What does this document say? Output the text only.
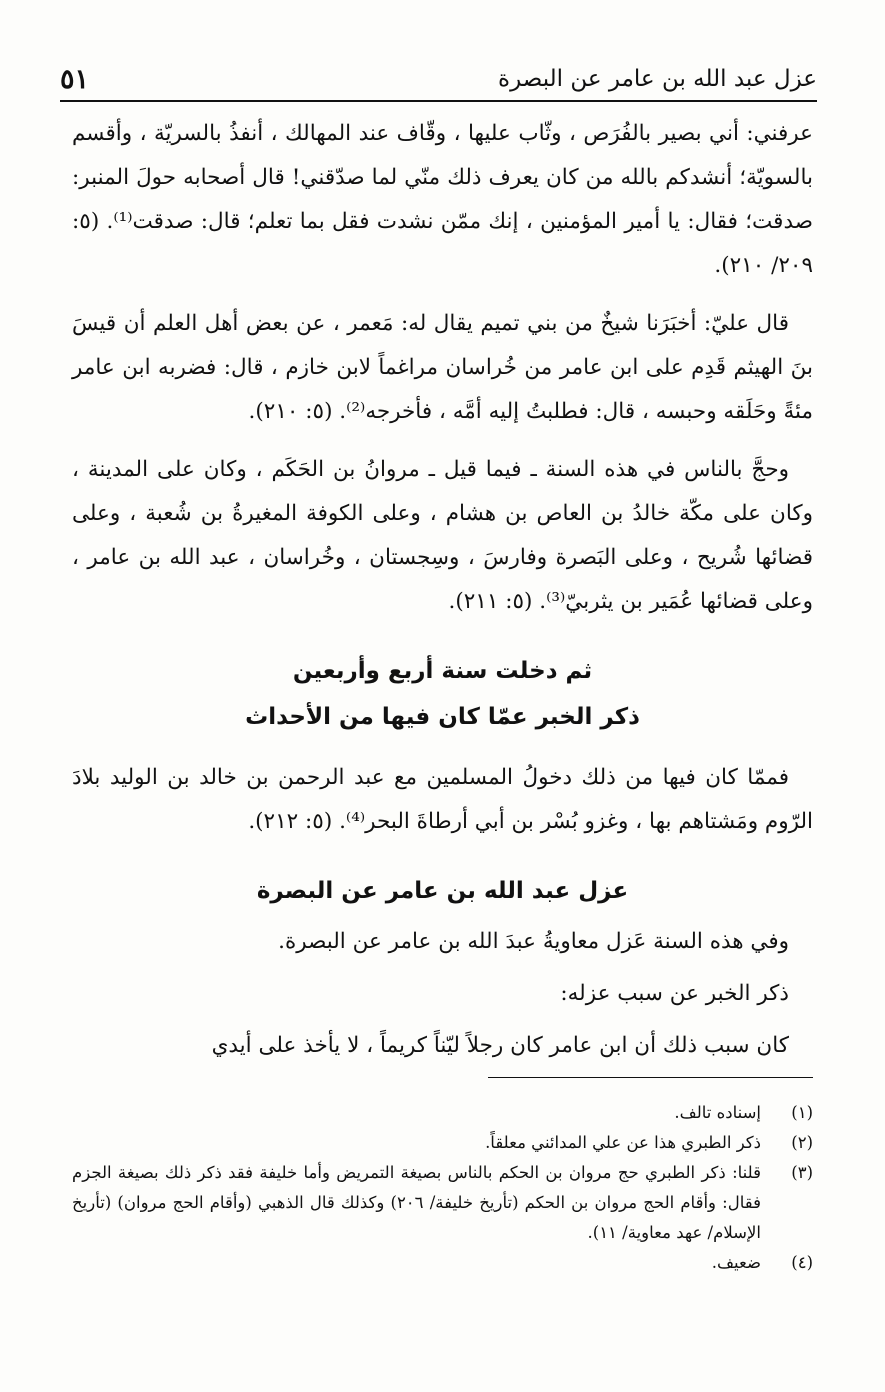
٥١	عزل عبد الله بن عامر عن البصرة

عرفني: أني بصير بالفُرَص ، وثّاب عليها ، وقّاف عند المهالك ، أنفذُ بالسريّة ، وأقسم بالسويّة؛ أنشدكم بالله من كان يعرف ذلك منّي لما صدّقني! قال أصحابه حولَ المنبر: صدقت؛ فقال: يا أمير المؤمنين ، إنك ممّن نشدت فقل بما تعلم؛ قال: صدقت⁽¹⁾. (٥: ٢٠٩/ ٢١٠).

قال عليّ: أخبَرَنا شيخٌ من بني تميم يقال له: مَعمر ، عن بعض أهل العلم أن قيسَ بنَ الهيثم قَدِم على ابن عامر من خُراسان مراغماً لابن خازم ، قال: فضربه ابن عامر مئةً وحَلَقه وحبسه ، قال: فطلبتُ إليه أمَّه ، فأخرجه⁽²⁾. (٥: ٢١٠).

وحجَّ بالناس في هذه السنة ـ فيما قيل ـ مروانُ بن الحَكَم ، وكان على المدينة ، وكان على مكّة خالدُ بن العاص بن هشام ، وعلى الكوفة المغيرةُ بن شُعبة ، وعلى قضائها شُريح ، وعلى البَصرة وفارسَ ، وسِجستان ، وخُراسان ، عبد الله بن عامر ، وعلى قضائها عُمَير بن يثربيّ⁽³⁾. (٥: ٢١١).

ثم دخلت سنة أربع وأربعين
ذكر الخبر عمّا كان فيها من الأحداث

فممّا كان فيها من ذلك دخولُ المسلمين مع عبد الرحمن بن خالد بن الوليد بلادَ الرّوم ومَشتاهم بها ، وغزو بُسْر بن أبي أرطاةَ البحر⁽⁴⁾. (٥: ٢١٢).

عزل عبد الله بن عامر عن البصرة

وفي هذه السنة عَزل معاويةُ عبدَ الله بن عامر عن البصرة.

ذكر الخبر عن سبب عزله:

كان سبب ذلك أن ابن عامر كان رجلاً ليّناً كريماً ، لا يأخذ على أيدي

(١)
إسناده تالف.
(٢)
ذكر الطبري هذا عن علي المدائني معلقاً.
(٣)
قلنا: ذكر الطبري حج مروان بن الحكم بالناس بصيغة التمريض وأما خليفة فقد ذكر ذلك بصيغة الجزم فقال: وأقام الحج مروان بن الحكم (تأريخ خليفة/ ٢٠٦) وكذلك قال الذهبي (وأقام الحج مروان) (تأريخ الإسلام/ عهد معاوية/ ١١).
(٤)
ضعيف.
